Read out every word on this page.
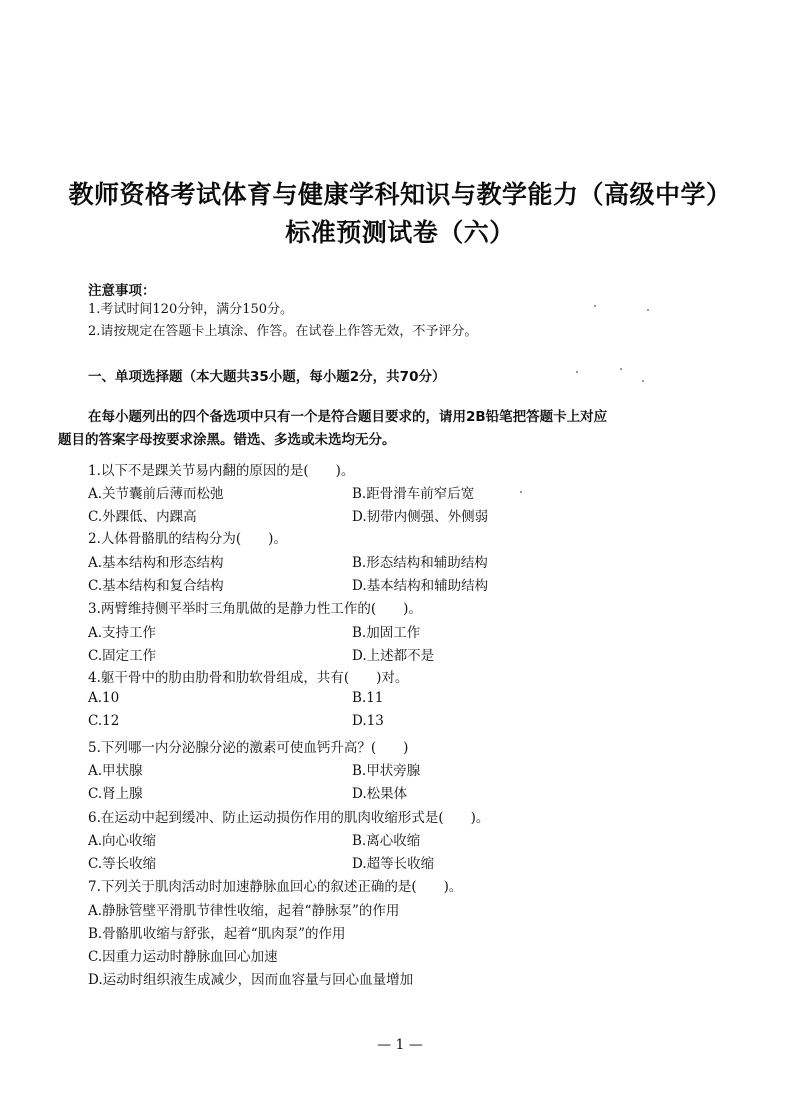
教师资格考试体育与健康学科知识与教学能力（高级中学）
标准预测试卷（六）
注意事项：
1.考试时间120分钟，满分150分。
2.请按规定在答题卡上填涂、作答。在试卷上作答无效，不予评分。
一、单项选择题（本大题共35小题，每小题2分，共70分）
在每小题列出的四个备选项中只有一个是符合题目要求的，请用2B铅笔把答题卡上对应
题目的答案字母按要求涂黑。错选、多选或未选均无分。
1.以下不是踝关节易内翻的原因的是(　　)。
A.关节囊前后薄而松弛	B.距骨滑车前窄后宽
C.外踝低、内踝高	D.韧带内侧强、外侧弱
2.人体骨骼肌的结构分为(　　)。
A.基本结构和形态结构	B.形态结构和辅助结构
C.基本结构和复合结构	D.基本结构和辅助结构
3.两臂维持侧平举时三角肌做的是静力性工作的(　　)。
A.支持工作	B.加固工作
C.固定工作	D.上述都不是
4.躯干骨中的肋由肋骨和肋软骨组成，共有(　　)对。
A.10	B.11
C.12	D.13
5.下列哪一内分泌腺分泌的激素可使血钙升高？(　　)
A.甲状腺	B.甲状旁腺
C.肾上腺	D.松果体
6.在运动中起到缓冲、防止运动损伤作用的肌肉收缩形式是(　　)。
A.向心收缩	B.离心收缩
C.等长收缩	D.超等长收缩
7.下列关于肌肉活动时加速静脉血回心的叙述正确的是(　　)。
A.静脉管壁平滑肌节律性收缩，起着“静脉泵”的作用
B.骨骼肌收缩与舒张，起着“肌肉泵”的作用
C.因重力运动时静脉血回心加速
D.运动时组织液生成减少，因而血容量与回心血量增加
— 1 —
